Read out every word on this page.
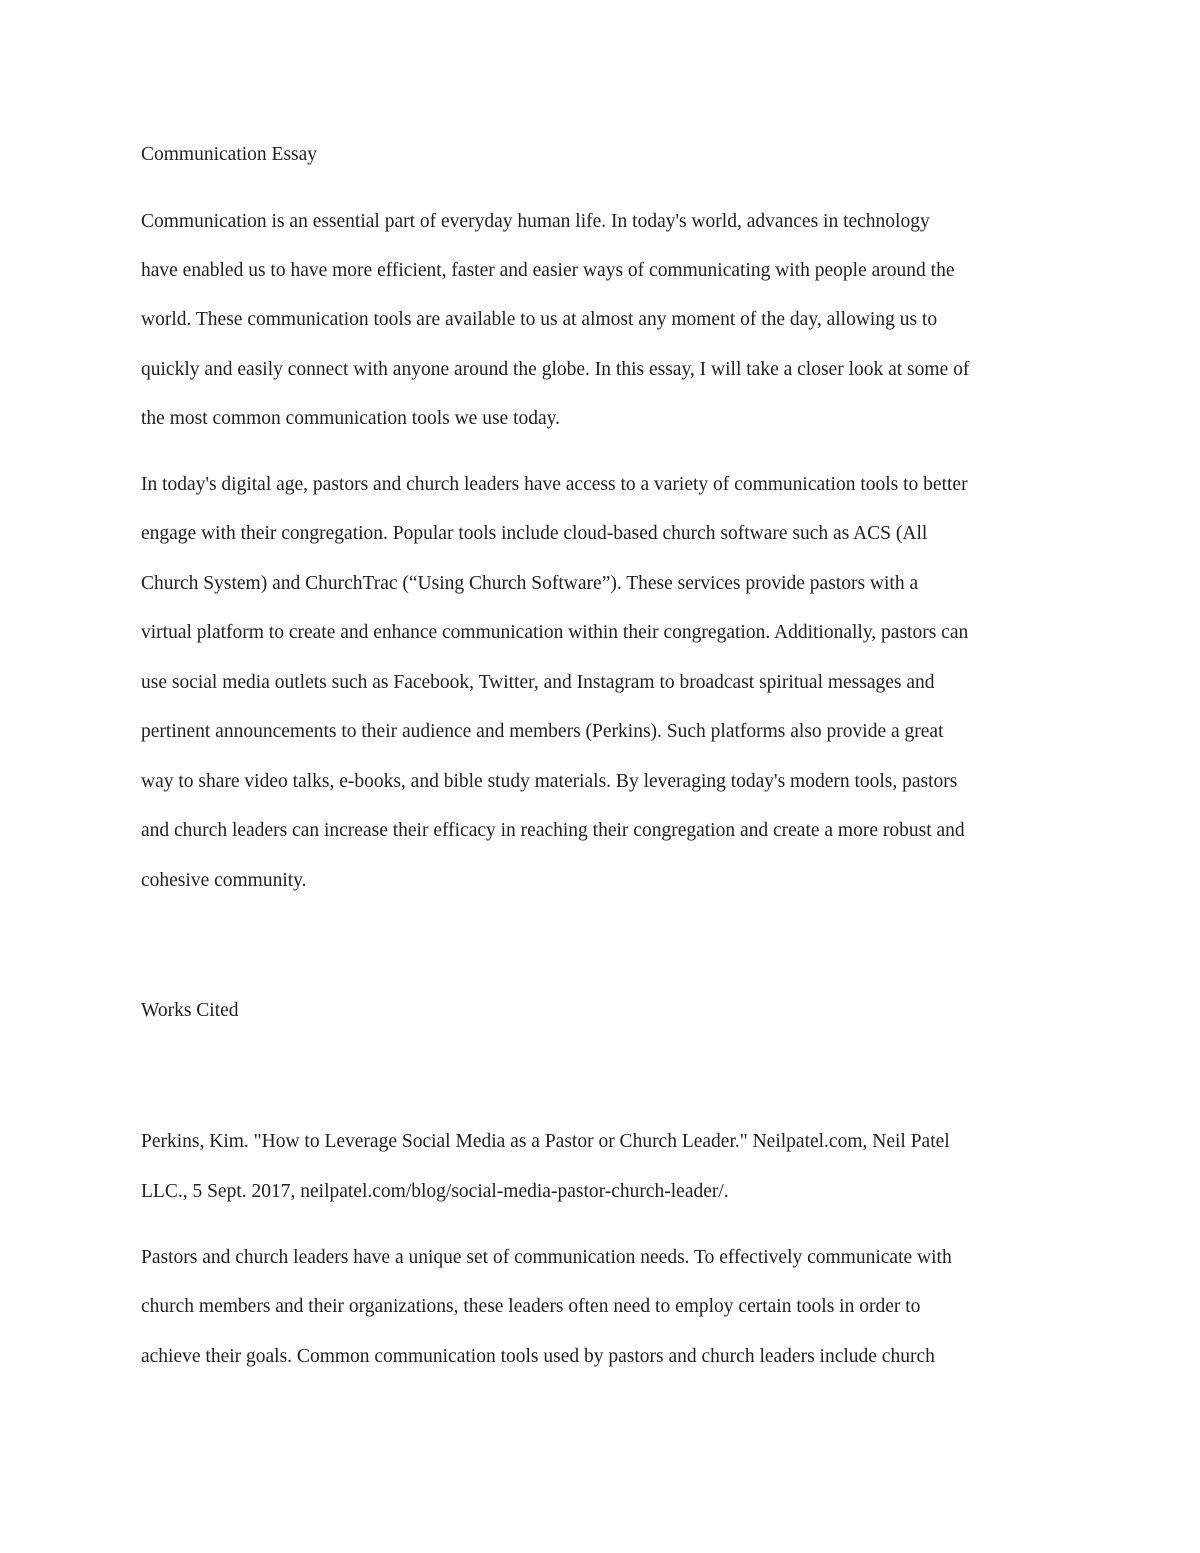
Communication Essay

Communication is an essential part of everyday human life. In today's world, advances in technology

have enabled us to have more efficient, faster and easier ways of communicating with people around the

world. These communication tools are available to us at almost any moment of the day, allowing us to

quickly and easily connect with anyone around the globe. In this essay, I will take a closer look at some of

the most common communication tools we use today.

In today's digital age, pastors and church leaders have access to a variety of communication tools to better

engage with their congregation. Popular tools include cloud-based church software such as ACS (All

Church System) and ChurchTrac (“Using Church Software”). These services provide pastors with a

virtual platform to create and enhance communication within their congregation. Additionally, pastors can

use social media outlets such as Facebook, Twitter, and Instagram to broadcast spiritual messages and

pertinent announcements to their audience and members (Perkins). Such platforms also provide a great

way to share video talks, e-books, and bible study materials. By leveraging today's modern tools, pastors

and church leaders can increase their efficacy in reaching their congregation and create a more robust and

cohesive community.

Works Cited

Perkins, Kim. "How to Leverage Social Media as a Pastor or Church Leader." Neilpatel.com, Neil Patel

LLC., 5 Sept. 2017, neilpatel.com/blog/social-media-pastor-church-leader/.

Pastors and church leaders have a unique set of communication needs. To effectively communicate with

church members and their organizations, these leaders often need to employ certain tools in order to

achieve their goals. Common communication tools used by pastors and church leaders include church
